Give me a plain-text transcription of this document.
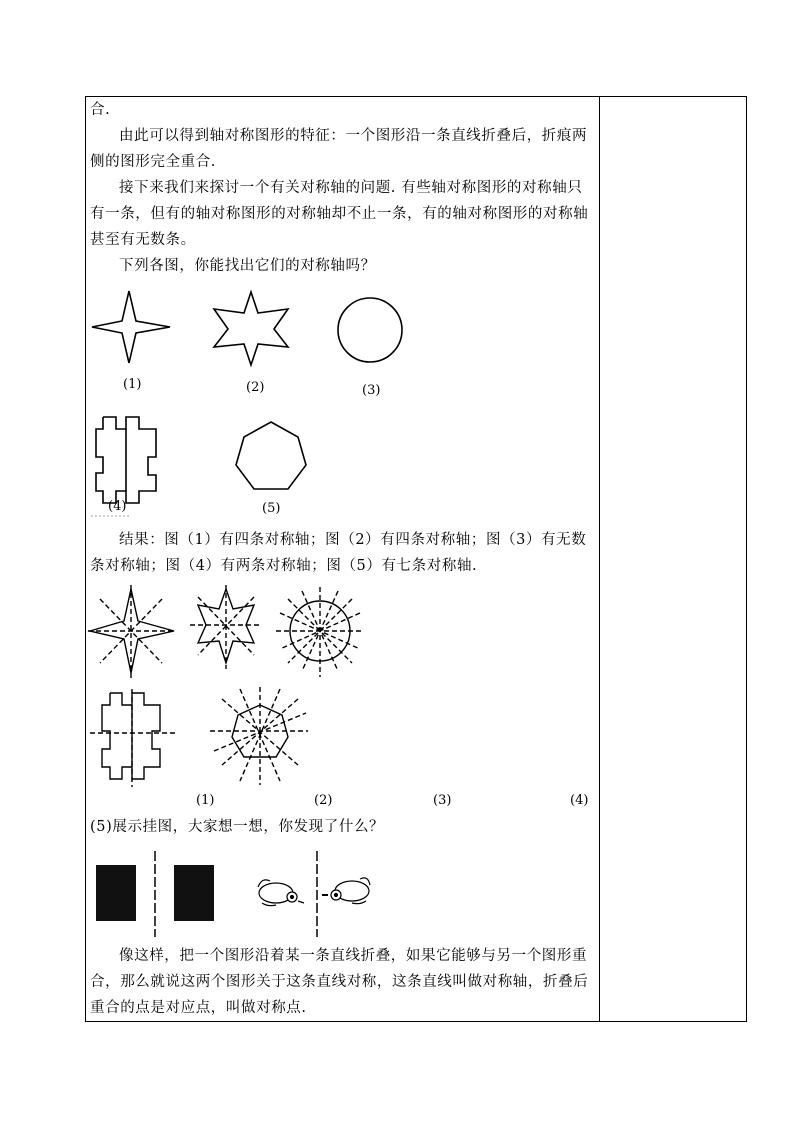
合.

由此可以得到轴对称图形的特征：一个图形沿一条直线折叠后，折痕两侧的图形完全重合.

接下来我们来探讨一个有关对称轴的问题. 有些轴对称图形的对称轴只有一条，但有的轴对称图形的对称轴却不止一条，有的轴对称图形的对称轴甚至有无数条。

下列各图，你能找出它们的对称轴吗？

(1)	(2)	(3)
(4)	(5)

结果：图（1）有四条对称轴；图（2）有四条对称轴；图（3）有无数条对称轴；图（4）有两条对称轴；图（5）有七条对称轴.

(1)	(2)	(3)	(4)

(5)展示挂图，大家想一想，你发现了什么？

像这样，把一个图形沿着某一条直线折叠，如果它能够与另一个图形重合，那么就说这两个图形关于这条直线对称，这条直线叫做对称轴，折叠后重合的点是对应点，叫做对称点.
